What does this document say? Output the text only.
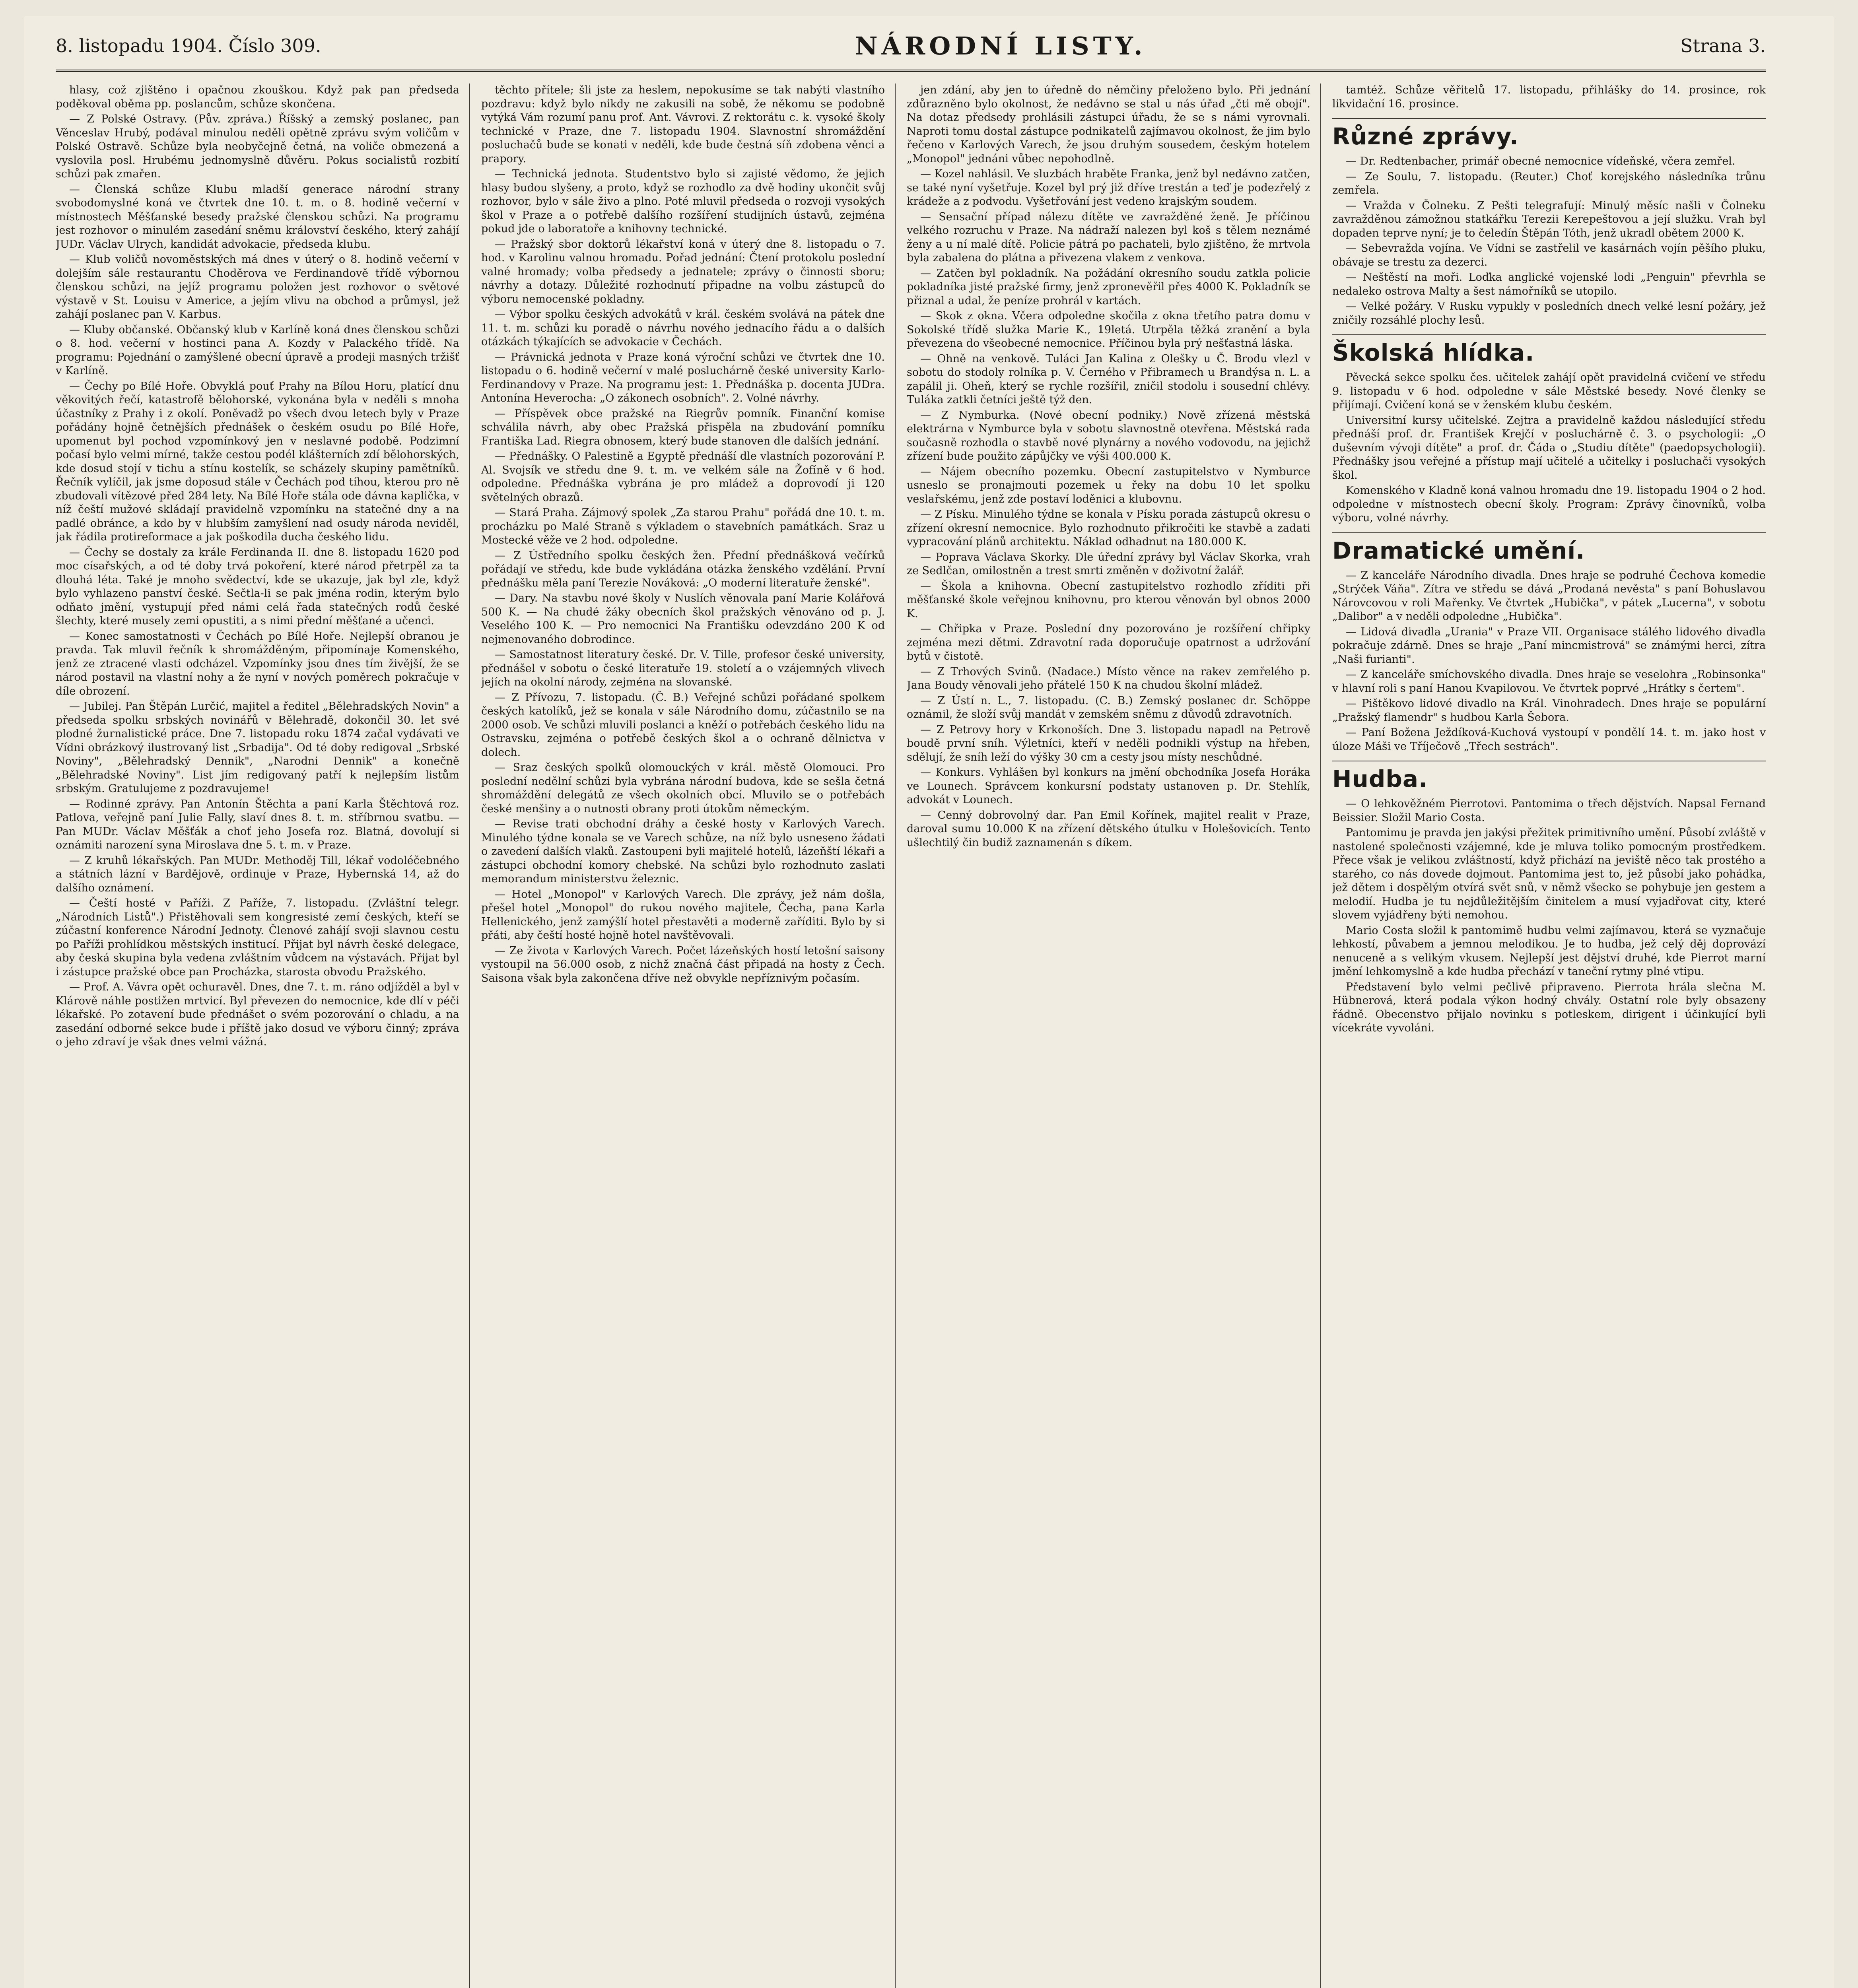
8. listopadu 1904. Číslo 309.	NÁRODNÍ LISTY.	Strana 3.

hlasy, což zjištěno i opačnou zkouškou. Když pak pan předseda poděkoval oběma pp. poslancům, schůze skončena.

— Z Polské Ostravy. (Pův. zpráva.) Říšský a zemský poslanec, pan Věnceslav Hrubý, podával minulou neděli opětně zprávu svým voličům v Polské Ostravě. Schůze byla neobyčejně četná, na voliče obmezená a vyslovila posl. Hrubému jednomyslně důvěru. Pokus socialistů rozbití schůzi pak zmařen.

— Členská schůze Klubu mladší generace národní strany svobodomyslné koná ve čtvrtek dne 10. t. m. o 8. hodině večerní v místnostech Měšťanské besedy pražské členskou schůzi. Na programu jest rozhovor o minulém zasedání sněmu království českého, který zahájí JUDr. Václav Ulrych, kandidát advokacie, předseda klubu.

— Klub voličů novoměstských má dnes v úterý o 8. hodině večerní v dolejším sále restaurantu Choděrova ve Ferdinandově třídě výbornou členskou schůzi, na jejíž programu položen jest rozhovor o světové výstavě v St. Louisu v Americe, a jejím vlivu na obchod a průmysl, jež zahájí poslanec pan V. Karbus.

— Kluby občanské. Občanský klub v Karlíně koná dnes členskou schůzi o 8. hod. večerní v hostinci pana A. Kozdy v Palackého třídě. Na programu: Pojednání o zamýšlené obecní úpravě a prodeji masných tržišť v Karlíně.

— Čechy po Bílé Hoře. Obvyklá pouť Prahy na Bílou Horu, platící dnu věkovitých řečí, katastrofě bělohorské, vykonána byla v neděli s mnoha účastníky z Prahy i z okolí. Poněvadž po všech dvou letech byly v Praze pořádány hojně četnějších přednášek o českém osudu po Bílé Hoře, upomenut byl pochod vzpomínkový jen v neslavné podobě. Podzimní počasí bylo velmi mírné, takže cestou podél klášterních zdí bělohorských, kde dosud stojí v tichu a stínu kostelík, se scházely skupiny pamětníků. Řečník vylíčil, jak jsme doposud stále v Čechách pod tíhou, kterou pro ně zbudovali vítězové před 284 lety. Na Bílé Hoře stála ode dávna kaplička, v níž čeští mužové skládají pravidelně vzpomínku na statečné dny a na padlé obránce, a kdo by v hlubším zamyšlení nad osudy národa neviděl, jak řádila protireformace a jak poškodila ducha českého lidu.

— Čechy se dostaly za krále Ferdinanda II. dne 8. listopadu 1620 pod moc císařských, a od té doby trvá pokoření, které národ přetrpěl za ta dlouhá léta. Také je mnoho svědectví, kde se ukazuje, jak byl zle, když bylo vyhlazeno panství české. Sečtla-li se pak jména rodin, kterým bylo odňato jmění, vystupují před námi celá řada statečných rodů české šlechty, které musely zemi opustiti, a s nimi přední měšťané a učenci.

— Konec samostatnosti v Čechách po Bílé Hoře. Nejlepší obranou je pravda. Tak mluvil řečník k shromážděným, připomínaje Komenského, jenž ze ztracené vlasti odcházel. Vzpomínky jsou dnes tím živější, že se národ postavil na vlastní nohy a že nyní v nových poměrech pokračuje v díle obrození.

— Jubilej. Pan Štěpán Lurčić, majitel a ředitel „Bělehradských Novin" a předseda spolku srbských novinářů v Bělehradě, dokončil 30. let své plodné žurnalistické práce. Dne 7. listopadu roku 1874 začal vydávati ve Vídni obrázkový ilustrovaný list „Srbadija". Od té doby redigoval „Srbské Noviny", „Bělehradský Dennik", „Narodni Dennik" a konečně „Bělehradské Noviny". List jím redigovaný patří k nejlepším listům srbským. Gratulujeme z pozdravujeme!

— Rodinné zprávy. Pan Antonín Štěchta a paní Karla Štěchtová roz. Patlova, veřejně paní Julie Fally, slaví dnes 8. t. m. stříbrnou svatbu. — Pan MUDr. Václav Měšťák a choť jeho Josefa roz. Blatná, dovolují si oznámiti narození syna Miroslava dne 5. t. m. v Praze.

— Z kruhů lékařských. Pan MUDr. Methoděj Till, lékař vodoléčebného a státních lázní v Bardějově, ordinuje v Praze, Hybernská 14, až do dalšího oznámení.

— Čeští hosté v Paříži. Z Paříže, 7. listopadu. (Zvláštní telegr. „Národních Listů".) Přistěhovali sem kongresisté zemí českých, kteří se zúčastní konference Národní Jednoty. Členové zahájí svoji slavnou cestu po Paříži prohlídkou městských institucí. Přijat byl návrh české delegace, aby česká skupina byla vedena zvláštním vůdcem na výstavách. Přijat byl i zástupce pražské obce pan Procházka, starosta obvodu Pražského.

— Prof. A. Vávra opět ochuravěl. Dnes, dne 7. t. m. ráno odjížděl a byl v Klárově náhle postižen mrtvicí. Byl převezen do nemocnice, kde dlí v péči lékařské. Po zotavení bude přednášet o svém pozorování o chladu, a na zasedání odborné sekce bude i příště jako dosud ve výboru činný; zpráva o jeho zdraví je však dnes velmi vážná.

těchto přítele; šli jste za heslem, nepokusíme se tak nabýti vlastního pozdravu: když bylo nikdy ne zakusili na sobě, že někomu se podobně vytýká Vám rozumí panu prof. Ant. Vávrovi. Z rektorátu c. k. vysoké školy technické v Praze, dne 7. listopadu 1904. Slavnostní shromáždění posluchačů bude se konati v neděli, kde bude čestná síň zdobena věnci a prapory.

— Technická jednota. Studentstvo bylo si zajisté vědomo, že jejich hlasy budou slyšeny, a proto, když se rozhodlo za dvě hodiny ukončit svůj rozhovor, bylo v sále živo a plno. Poté mluvil předseda o rozvoji vysokých škol v Praze a o potřebě dalšího rozšíření studijních ústavů, zejména pokud jde o laboratoře a knihovny technické.

— Pražský sbor doktorů lékařství koná v úterý dne 8. listopadu o 7. hod. v Karolinu valnou hromadu. Pořad jednání: Čtení protokolu poslední valné hromady; volba předsedy a jednatele; zprávy o činnosti sboru; návrhy a dotazy. Důležité rozhodnutí připadne na volbu zástupců do výboru nemocenské pokladny.

— Výbor spolku českých advokátů v král. českém svolává na pátek dne 11. t. m. schůzi ku poradě o návrhu nového jednacího řádu a o dalších otázkách týkajících se advokacie v Čechách.

— Právnická jednota v Praze koná výroční schůzi ve čtvrtek dne 10. listopadu o 6. hodině večerní v malé posluchárně české university Karlo-Ferdinandovy v Praze. Na programu jest: 1. Přednáška p. docenta JUDra. Antonína Heverocha: „O zákonech osobních". 2. Volné návrhy.

— Příspěvek obce pražské na Riegrův pomník. Finanční komise schválila návrh, aby obec Pražská přispěla na zbudování pomníku Františka Lad. Riegra obnosem, který bude stanoven dle dalších jednání.

— Přednášky. O Palestině a Egyptě přednáší dle vlastních pozorování P. Al. Svojsík ve středu dne 9. t. m. ve velkém sále na Žofíně v 6 hod. odpoledne. Přednáška vybrána je pro mládež a doprovodí ji 120 světelných obrazů.

— Stará Praha. Zájmový spolek „Za starou Prahu" pořádá dne 10. t. m. procházku po Malé Straně s výkladem o stavebních památkách. Sraz u Mostecké věže ve 2 hod. odpoledne.

— Z Ústředního spolku českých žen. Přední přednášková večírků pořádají ve středu, kde bude vykládána otázka ženského vzdělání. První přednášku měla paní Terezie Nováková: „O moderní literatuře ženské".

— Dary. Na stavbu nové školy v Nuslích věnovala paní Marie Kolářová 500 K. — Na chudé žáky obecních škol pražských věnováno od p. J. Veselého 100 K. — Pro nemocnici Na Františku odevzdáno 200 K od nejmenovaného dobrodince.

— Samostatnost literatury české. Dr. V. Tille, profesor české university, přednášel v sobotu o české literatuře 19. století a o vzájemných vlivech jejích na okolní národy, zejména na slovanské.

— Z Přívozu, 7. listopadu. (Č. B.) Veřejné schůzi pořádané spolkem českých katolíků, jež se konala v sále Národního domu, zúčastnilo se na 2000 osob. Ve schůzi mluvili poslanci a kněží o potřebách českého lidu na Ostravsku, zejména o potřebě českých škol a o ochraně dělnictva v dolech.

— Sraz českých spolků olomouckých v král. městě Olomouci. Pro poslední nedělní schůzi byla vybrána národní budova, kde se sešla četná shromáždění delegátů ze všech okolních obcí. Mluvilo se o potřebách české menšiny a o nutnosti obrany proti útokům německým.

— Revise trati obchodní dráhy a české hosty v Karlových Varech. Minulého týdne konala se ve Varech schůze, na níž bylo usneseno žádati o zavedení dalších vlaků. Zastoupeni byli majitelé hotelů, lázeňští lékaři a zástupci obchodní komory chebské. Na schůzi bylo rozhodnuto zaslati memorandum ministerstvu železnic.

— Hotel „Monopol" v Karlových Varech. Dle zprávy, jež nám došla, přešel hotel „Monopol" do rukou nového majitele, Čecha, pana Karla Hellenického, jenž zamýšlí hotel přestavěti a moderně zaříditi. Bylo by si přáti, aby čeští hosté hojně hotel navštěvovali.

— Ze života v Karlových Varech. Počet lázeňských hostí letošní saisony vystoupil na 56.000 osob, z nichž značná část připadá na hosty z Čech. Saisona však byla zakončena dříve než obvykle nepříznivým počasím.

jen zdání, aby jen to úředně do němčiny přeloženo bylo. Při jednání zdůrazněno bylo okolnost, že nedávno se stal u nás úřad „čti mě obojí". Na dotaz předsedy prohlásili zástupci úřadu, že se s námi vyrovnali. Naproti tomu dostal zástupce podnikatelů zajímavou okolnost, že jim bylo řečeno v Karlových Varech, že jsou druhým sousedem, českým hotelem „Monopol" jednáni vůbec nepohodlně.

— Kozel nahlásil. Ve sluzbách hraběte Franka, jenž byl nedávno zatčen, se také nyní vyšetřuje. Kozel byl prý již dříve trestán a teď je podezřelý z krádeže a z podvodu. Vyšetřování jest vedeno krajským soudem.

— Sensační případ nálezu dítěte ve zavražděné ženě. Je příčinou velkého rozruchu v Praze. Na nádraží nalezen byl koš s tělem neznámé ženy a u ní malé dítě. Policie pátrá po pachateli, bylo zjištěno, že mrtvola byla zabalena do plátna a přivezena vlakem z venkova.

— Zatčen byl pokladník. Na požádání okresního soudu zatkla policie pokladníka jisté pražské firmy, jenž zpronevěřil přes 4000 K. Pokladník se přiznal a udal, že peníze prohrál v kartách.

— Skok z okna. Včera odpoledne skočila z okna třetího patra domu v Sokolské třídě služka Marie K., 19letá. Utrpěla těžká zranění a byla převezena do všeobecné nemocnice. Příčinou byla prý nešťastná láska.

— Ohně na venkově. Tuláci Jan Kalina z Olešky u Č. Brodu vlezl v sobotu do stodoly rolníka p. V. Černého v Přibramech u Brandýsa n. L. a zapálil ji. Oheň, který se rychle rozšířil, zničil stodolu i sousední chlévy. Tuláka zatkli četníci ještě týž den.

— Z Nymburka. (Nové obecní podniky.) Nově zřízená městská elektrárna v Nymburce byla v sobotu slavnostně otevřena. Městská rada současně rozhodla o stavbě nové plynárny a nového vodovodu, na jejichž zřízení bude použito zápůjčky ve výši 400.000 K.

— Nájem obecního pozemku. Obecní zastupitelstvo v Nymburce usneslo se pronajmouti pozemek u řeky na dobu 10 let spolku veslařskému, jenž zde postaví loděnici a klubovnu.

— Z Písku. Minulého týdne se konala v Písku porada zástupců okresu o zřízení okresní nemocnice. Bylo rozhodnuto přikročiti ke stavbě a zadati vypracování plánů architektu. Náklad odhadnut na 180.000 K.

— Poprava Václava Skorky. Dle úřední zprávy byl Václav Skorka, vrah ze Sedlčan, omilostněn a trest smrti změněn v doživotní žalář.

— Škola a knihovna. Obecní zastupitelstvo rozhodlo zříditi při měšťanské škole veřejnou knihovnu, pro kterou věnován byl obnos 2000 K.

— Chřipka v Praze. Poslední dny pozorováno je rozšíření chřipky zejména mezi dětmi. Zdravotní rada doporučuje opatrnost a udržování bytů v čistotě.

— Z Trhových Svinů. (Nadace.) Místo věnce na rakev zemřelého p. Jana Boudy věnovali jeho přátelé 150 K na chudou školní mládež.

— Z Ústí n. L., 7. listopadu. (C. B.) Zemský poslanec dr. Schöppe oznámil, že složí svůj mandát v zemském sněmu z důvodů zdravotních.

— Z Petrovy hory v Krkonoších. Dne 3. listopadu napadl na Petrově boudě první sníh. Výletníci, kteří v neděli podnikli výstup na hřeben, sdělují, že sníh leží do výšky 30 cm a cesty jsou místy neschůdné.

— Konkurs. Vyhlášen byl konkurs na jmění obchodníka Josefa Horáka ve Lounech. Správcem konkursní podstaty ustanoven p. Dr. Stehlík, advokát v Lounech.

— Cenný dobrovolný dar. Pan Emil Kořínek, majitel realit v Praze, daroval sumu 10.000 K na zřízení dětského útulku v Holešovicích. Tento ušlechtilý čin budiž zaznamenán s díkem.

tamtéž. Schůze věřitelů 17. listopadu, přihlášky do 14. prosince, rok likvidační 16. prosince.

Různé zprávy.

— Dr. Redtenbacher, primář obecné nemocnice vídeňské, včera zemřel.

— Ze Soulu, 7. listopadu. (Reuter.) Choť korejského následníka trůnu zemřela.

— Vražda v Čolneku. Z Pešti telegrafují: Minulý měsíc našli v Čolneku zavražděnou zámožnou statkářku Terezii Kerepeštovou a její služku. Vrah byl dopaden teprve nyní; je to čeledín Štěpán Tóth, jenž ukradl obětem 2000 K.

— Sebevražda vojína. Ve Vídni se zastřelil ve kasárnách vojín pěšího pluku, obávaje se trestu za dezerci.

— Neštěstí na moři. Loďka anglické vojenské lodi „Penguin" převrhla se nedaleko ostrova Malty a šest námořníků se utopilo.

— Velké požáry. V Rusku vypukly v posledních dnech velké lesní požáry, jež zničily rozsáhlé plochy lesů.

Školská hlídka.

Pěvecká sekce spolku čes. učitelek zahájí opět pravidelná cvičení ve středu 9. listopadu v 6 hod. odpoledne v sále Městské besedy. Nové členky se přijímají. Cvičení koná se v ženském klubu českém.

Universitní kursy učitelské. Zejtra a pravidelně každou následující středu přednáší prof. dr. František Krejčí v posluchárně č. 3. o psychologii: „O duševním vývoji dítěte" a prof. dr. Čáda o „Studiu dítěte" (paedopsychologii). Přednášky jsou veřejné a přístup mají učitelé a učitelky i posluchači vysokých škol.

Komenského v Kladně koná valnou hromadu dne 19. listopadu 1904 o 2 hod. odpoledne v místnostech obecní školy. Program: Zprávy činovníků, volba výboru, volné návrhy.

Dramatické umění.

— Z kanceláře Národního divadla. Dnes hraje se podruhé Čechova komedie „Strýček Váňa". Zítra ve středu se dává „Prodaná nevěsta" s paní Bohuslavou Nárovcovou v roli Mařenky. Ve čtvrtek „Hubička", v pátek „Lucerna", v sobotu „Dalibor" a v neděli odpoledne „Hubička".

— Lidová divadla „Urania" v Praze VII. Organisace stálého lidového divadla pokračuje zdárně. Dnes se hraje „Paní mincmistrová" se známými herci, zítra „Naši furianti".

— Z kanceláře smíchovského divadla. Dnes hraje se veselohra „Robinsonka" v hlavní roli s paní Hanou Kvapilovou. Ve čtvrtek poprvé „Hrátky s čertem".

— Pištěkovo lidové divadlo na Král. Vinohradech. Dnes hraje se populární „Pražský flamendr" s hudbou Karla Šebora.

— Paní Božena Ježdíková-Kuchová vystoupí v pondělí 14. t. m. jako host v úloze Máši ve Tříječově „Třech sestrách".

Hudba.

— O lehkověžném Pierrotovi. Pantomima o třech dějstvích. Napsal Fernand Beissier. Složil Mario Costa.

Pantomimu je pravda jen jakýsi přežitek primitivního umění. Působí zvláště v nastolené společnosti vzájemné, kde je mluva toliko pomocným prostředkem. Přece však je velikou zvláštností, když přichází na jeviště něco tak prostého a starého, co nás dovede dojmout. Pantomima jest to, jež působí jako pohádka, jež dětem i dospělým otvírá svět snů, v němž všecko se pohybuje jen gestem a melodií. Hudba je tu nejdůležitějším činitelem a musí vyjadřovat city, které slovem vyjádřeny býti nemohou.

Mario Costa složil k pantomimě hudbu velmi zajímavou, která se vyznačuje lehkostí, půvabem a jemnou melodikou. Je to hudba, jež celý děj doprovází nenuceně a s velikým vkusem. Nejlepší jest dějství druhé, kde Pierrot marní jmění lehkomyslně a kde hudba přechází v taneční rytmy plné vtipu.

Představení bylo velmi pečlivě připraveno. Pierrota hrála slečna M. Hübnerová, která podala výkon hodný chvály. Ostatní role byly obsazeny řádně. Obecenstvo přijalo novinku s potleskem, dirigent i účinkující byli vícekráte vyvoláni.
